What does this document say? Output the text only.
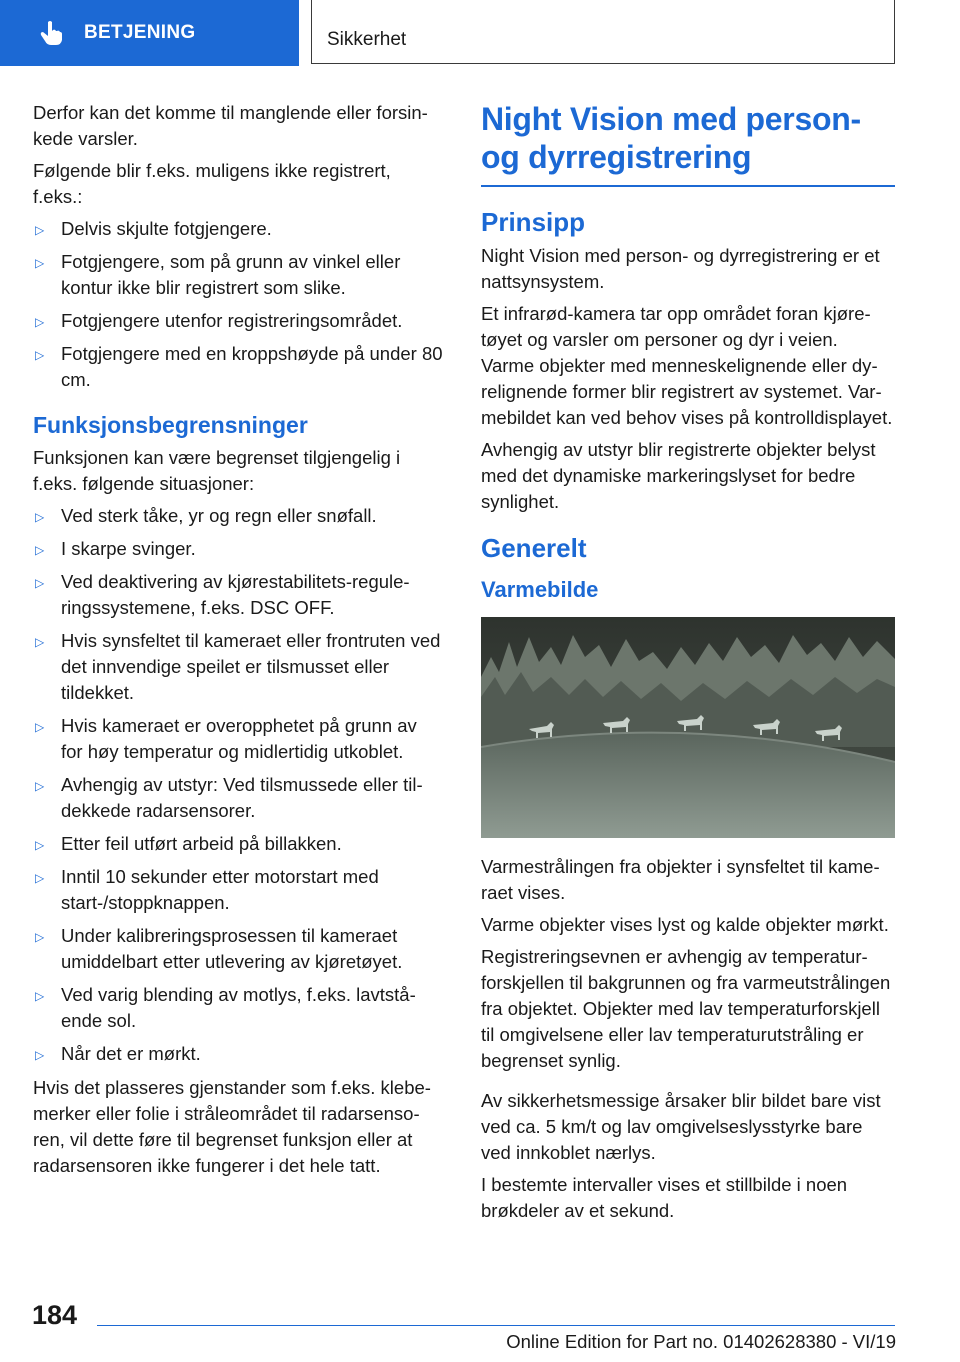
BETJENING	Sikkerhet

Derfor kan det komme til manglende eller forsinkede varsler.

Følgende blir f.eks. muligens ikke registrert, f.eks.:

▷ Delvis skjulte fotgjengere.
▷ Fotgjengere, som på grunn av vinkel eller kontur ikke blir registrert som slike.
▷ Fotgjengere utenfor registreringsområdet.
▷ Fotgjengere med en kroppshøyde på under 80 cm.
Funksjonsbegrensninger

Funksjonen kan være begrenset tilgjengelig i f.eks. følgende situasjoner:

▷ Ved sterk tåke, yr og regn eller snøfall.
▷ I skarpe svinger.
▷ Ved deaktivering av kjørestabilitets-reguleringssystemene, f.eks. DSC OFF.
▷ Hvis synsfeltet til kameraet eller frontruten ved det innvendige speilet er tilsmusset eller tildekket.
▷ Hvis kameraet er overopphetet på grunn av for høy temperatur og midlertidig utkoblet.
▷ Avhengig av utstyr: Ved tilsmussede eller tildekkede radarsensorer.
▷ Etter feil utført arbeid på billakken.
▷ Inntil 10 sekunder etter motorstart med start-/stoppknappen.
▷ Under kalibreringsprosessen til kameraet umiddelbart etter utlevering av kjøretøyet.
▷ Ved varig blending av motlys, f.eks. lavtstående sol.
▷ Når det er mørkt.

Hvis det plasseres gjenstander som f.eks. klebemerker eller folie i stråleområdet til radarsensoren, vil dette føre til begrenset funksjon eller at radarsensoren ikke fungerer i det hele tatt.

Night Vision med person- og dyrregistrering
Prinsipp

Night Vision med person- og dyrregistrering er et nattsynsystem.

Et infrarød-kamera tar opp området foran kjøretøyet og varsler om personer og dyr i veien. Varme objekter med menneskelignende eller dyrelignende former blir registrert av systemet. Varmebildet kan ved behov vises på kontrolldisplayet.

Avhengig av utstyr blir registrerte objekter belyst med det dynamiske markeringslyset for bedre synlighet.

Generelt
Varmebilde

Varmestrålingen fra objekter i synsfeltet til kameraet vises.

Varme objekter vises lyst og kalde objekter mørkt.

Registreringsevnen er avhengig av temperaturforskjellen til bakgrunnen og fra varmeutstrålingen fra objektet. Objekter med lav temperaturforskjell til omgivelsene eller lav temperaturutstråling er begrenset synlig.

Av sikkerhetsmessige årsaker blir bildet bare vist ved ca. 5 km/t og lav omgivelseslysstyrke bare ved innkoblet nærlys.

I bestemte intervaller vises et stillbilde i noen brøkdeler av et sekund.

184
Online Edition for Part no. 01402628380 - VI/19
